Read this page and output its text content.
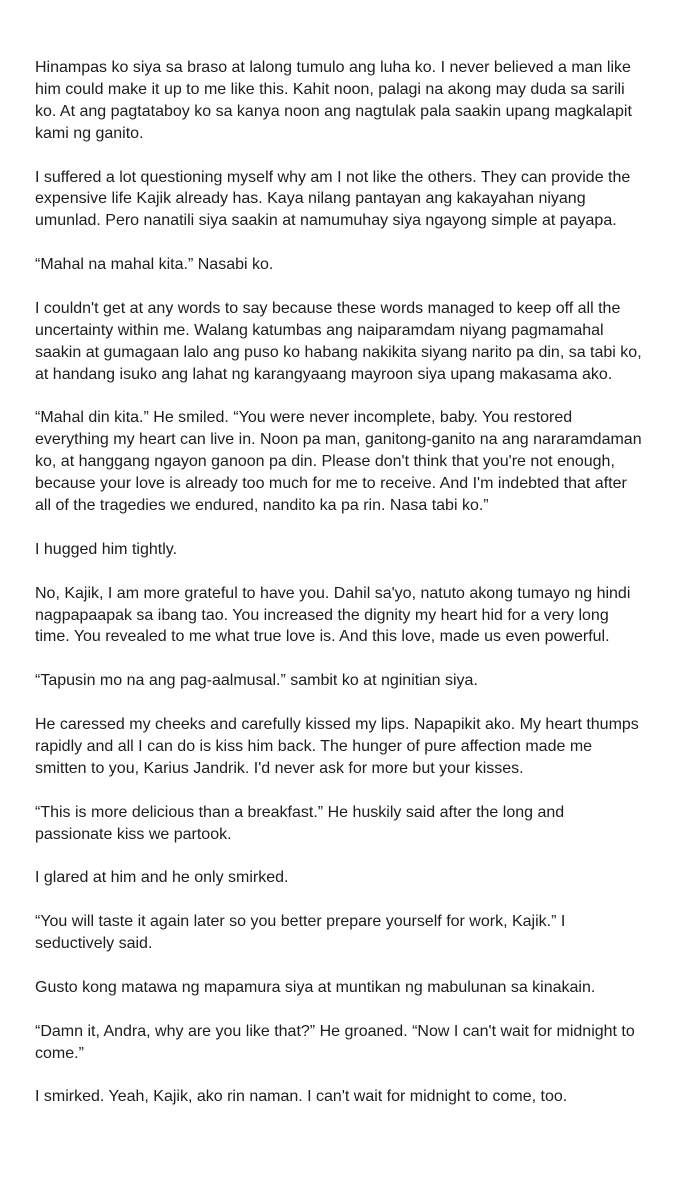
Hinampas ko siya sa braso at lalong tumulo ang luha ko. I never believed a man like him could make it up to me like this. Kahit noon, palagi na akong may duda sa sarili ko. At ang pagtataboy ko sa kanya noon ang nagtulak pala saakin upang magkalapit kami ng ganito.

I suffered a lot questioning myself why am I not like the others. They can provide the expensive life Kajik already has. Kaya nilang pantayan ang kakayahan niyang umunlad. Pero nanatili siya saakin at namumuhay siya ngayong simple at payapa.

“Mahal na mahal kita.” Nasabi ko.

I couldn't get at any words to say because these words managed to keep off all the uncertainty within me. Walang katumbas ang naiparamdam niyang pagmamahal saakin at gumagaan lalo ang puso ko habang nakikita siyang narito pa din, sa tabi ko, at handang isuko ang lahat ng karangyaang mayroon siya upang makasama ako.

“Mahal din kita.” He smiled. “You were never incomplete, baby. You restored everything my heart can live in. Noon pa man, ganitong-ganito na ang nararamdaman ko, at hanggang ngayon ganoon pa din. Please don't think that you're not enough, because your love is already too much for me to receive. And I'm indebted that after all of the tragedies we endured, nandito ka pa rin. Nasa tabi ko.”

I hugged him tightly.

No, Kajik, I am more grateful to have you. Dahil sa'yo, natuto akong tumayo ng hindi nagpapaapak sa ibang tao. You increased the dignity my heart hid for a very long time. You revealed to me what true love is. And this love, made us even powerful.

“Tapusin mo na ang pag-aalmusal.” sambit ko at nginitian siya.

He caressed my cheeks and carefully kissed my lips. Napapikit ako. My heart thumps rapidly and all I can do is kiss him back. The hunger of pure affection made me smitten to you, Karius Jandrik. I'd never ask for more but your kisses.

“This is more delicious than a breakfast.” He huskily said after the long and passionate kiss we partook.

I glared at him and he only smirked.

“You will taste it again later so you better prepare yourself for work, Kajik.” I seductively said.

Gusto kong matawa ng mapamura siya at muntikan ng mabulunan sa kinakain.

“Damn it, Andra, why are you like that?” He groaned. “Now I can't wait for midnight to come.”

I smirked. Yeah, Kajik, ako rin naman. I can't wait for midnight to come, too.
